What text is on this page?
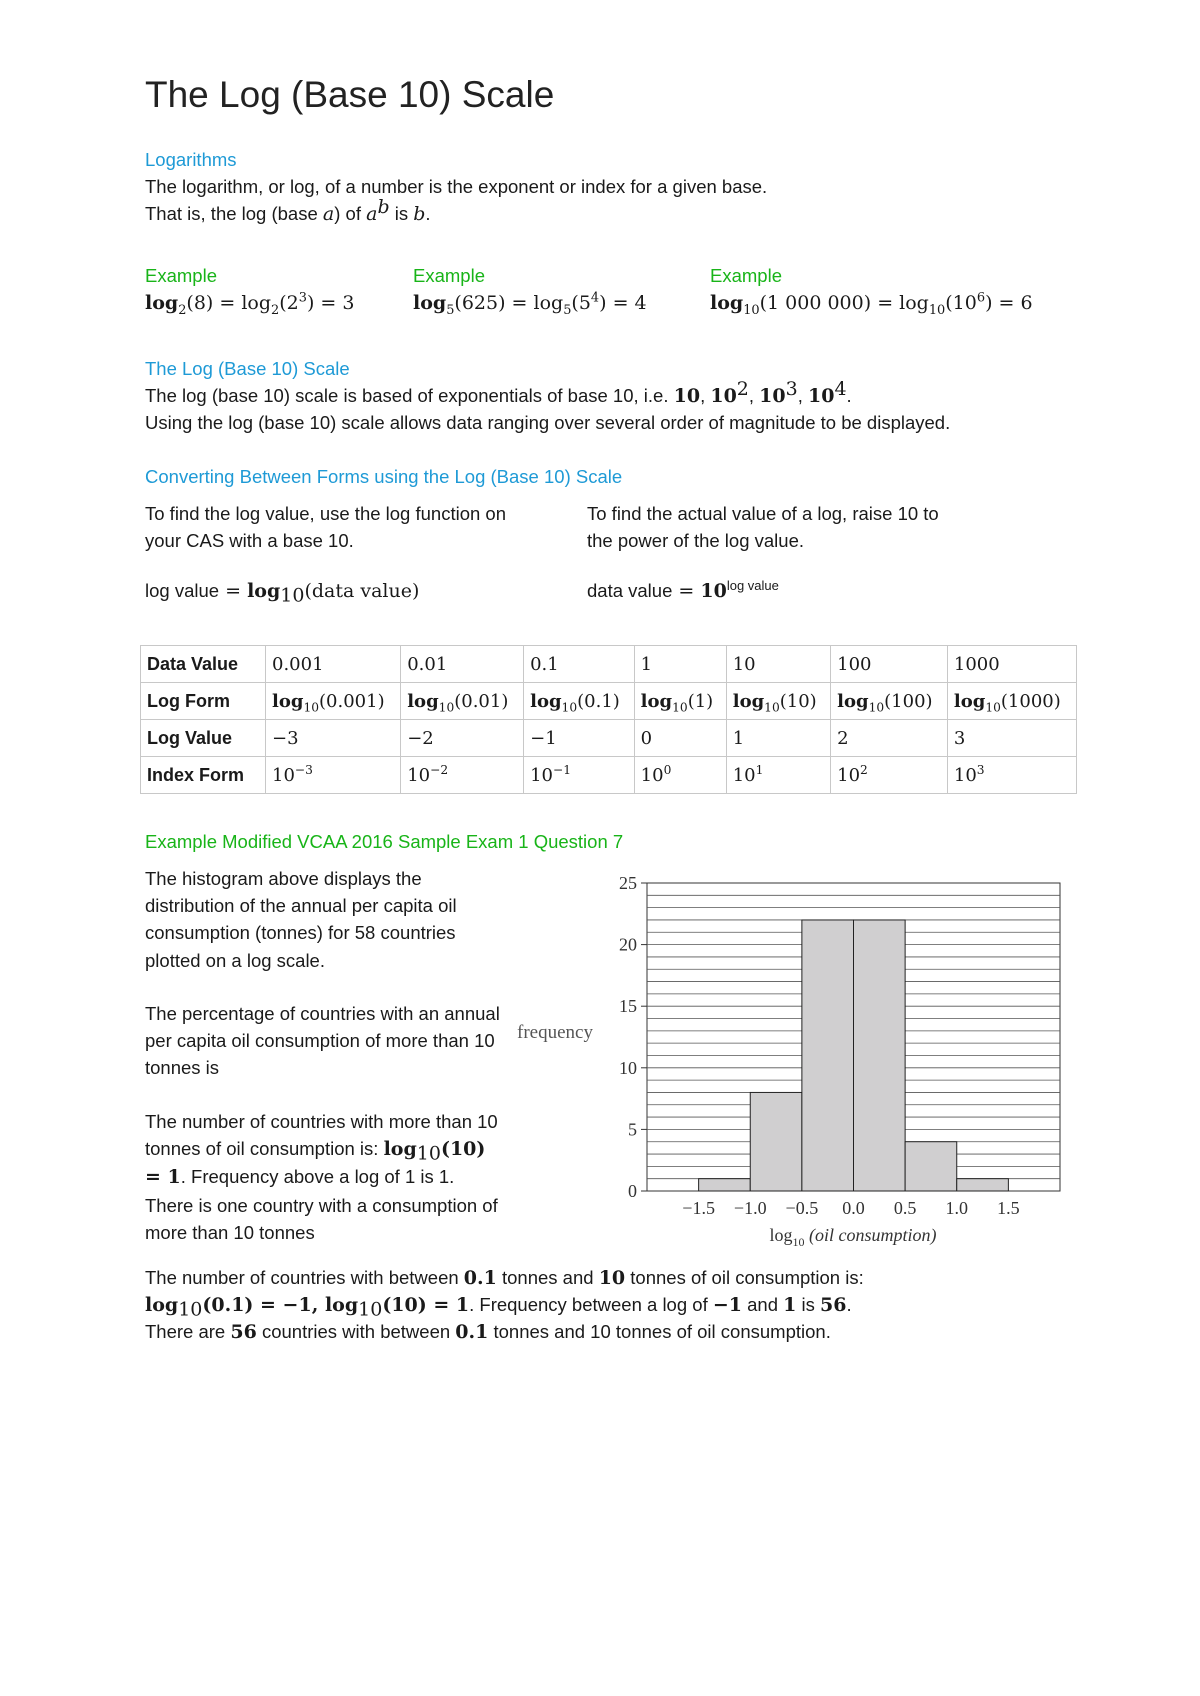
The Log (Base 10) Scale
Logarithms
The logarithm, or log, of a number is the exponent or index for a given base.
That is, the log (base a) of $a^b$ is b.
Example
$\log_2(8) = \log_2(2^3) = 3$
Example
$\log_5(625) = \log_5(5^4) = 4$
Example
$\log_{10}(1$ 000 $000) = \log_{10}(10^6) = 6$
The Log (Base 10) Scale
The log (base 10) scale is based of exponentials of base 10, i.e. 10, $10^2$, $10^3$, $10^4$.
Using the log (base 10) scale allows data ranging over several order of magnitude to be displayed.
Converting Between Forms using the Log (Base 10) Scale
To find the log value, use the log function on
your CAS with a base 10.
To find the actual value of a log, raise 10 to
the power of the log value.
log value = $\log_{10}(data$ value)	data value = $10^{log value}$
Data Value	0.001	0.01	0.1	1	10	100	1000
Log Form	$\log_{10}(0.001)$	$\log_{10}(0.01)$	$\log_{10}(0.1)$	$\log_{10}(1)$	$\log_{10}(10)$	$\log_{10}(100)$	$\log_{10}(1000)$
Log Value	−3	−2	−1	0	1	2	3
Index Form	$10^{-3}$	$10^{-2}$	$10^{-1}$	$10^0$	$10^1$	$10^2$	$10^3$
Example Modified VCAA 2016 Sample Exam 1 Question 7
The histogram above displays the distribution of the annual per capita oil consumption (tonnes) for 58 countries plotted on a log scale.
The percentage of countries with an annual per capita oil consumption of more than 10 tonnes is
The number of countries with more than 10 tonnes of oil consumption is: $\log_{10}(10) = 1$. Frequency above a log of 1 is 1. There is one country with a consumption of more than 10 tonnes
0
5
10
15
20
25
−1.5 −1.0 −0.5 0.0 0.5 1.0 1.5
frequency
$\log_{10} (oil$ consumption)
The number of countries with between 0.1 tonnes and 10 tonnes of oil consumption is:
$\log_{10}(0.1) = -1$, $\log_{10}(10) = 1$. Frequency between a log of −1 and 1 is 56.
There are 56 countries with between 0.1 tonnes and 10 tonnes of oil consumption.
